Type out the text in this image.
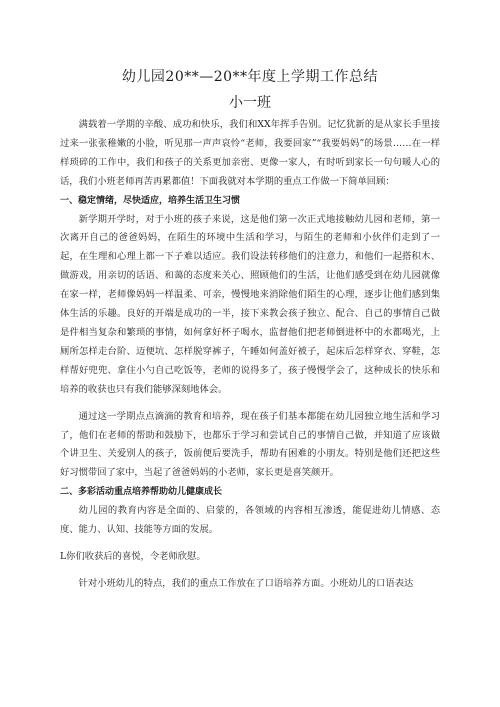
幼儿园20**—20**年度上学期工作总结
小一班

满载着一学期的辛酸、成功和快乐，我们和XX年挥手告别。记忆犹新的是从家长手里接过来一张张稚嫩的小脸，听见那一声声哀怜“老师，我要回家”“我要妈妈”的场景……在一样样琐碎的工作中，我们和孩子的关系更加亲密、更像一家人，有时听到家长一句句暖人心的话，我们小班老师再苦再累都值！下面我就对本学期的重点工作做一下简单回顾：

一、稳定情绪，尽快适应，培养生活卫生习惯

新学期开学时，对于小班的孩子来说，这是他们第一次正式地接触幼儿园和老师，第一次离开自己的爸爸妈妈，在陌生的环境中生活和学习，与陌生的老师和小伙伴们走到了一起，在生理和心理上都一下子难以适应。我们设法转移他们的注意力，和他们一起搭积木、做游戏，用亲切的话语、和蔼的态度来关心、照顾他们的生活，让他们感受到在幼儿园就像在家一样，老师像妈妈一样温柔、可亲，慢慢地来消除他们陌生的心理，逐步让他们感到集体生活的乐趣。良好的开端是成功的一半，接下来教会孩子独立、配合、自己的事情自己做是件相当复杂和繁琐的事情，如何拿好杯子喝水，监督他们把老师倒进杯中的水都喝光，上厕所怎样走台阶、迈便坑、怎样脱穿裤子，午睡如何盖好被子，起床后怎样穿衣、穿鞋，怎样帮好兜兜、拿住小勺自己吃饭等，老师的说得多了，孩子慢慢学会了，这种成长的快乐和培养的收获也只有我们能够深刻地体会。

通过这一学期点点滴滴的教育和培养，现在孩子们基本都能在幼儿园独立地生活和学习了，他们在老师的帮助和鼓励下，也都乐于学习和尝试自己的事情自己做，并知道了应该做个讲卫生、关爱别人的孩子，饭前便后要洗手，帮助有困难的小朋友。特别是他们还把这些好习惯带回了家中，当起了爸爸妈妈的小老师，家长更是喜笑颜开。

二、多彩活动重点培养帮助幼儿健康成长

幼儿园的教育内容是全面的、启蒙的，各领域的内容相互渗透，能促进幼儿情感、态度、能力、认知、技能等方面的发展。

L你们收获后的喜悦，令老师欣慰。

针对小班幼儿的特点，我们的重点工作放在了口语培养方面。小班幼儿的口语表达
